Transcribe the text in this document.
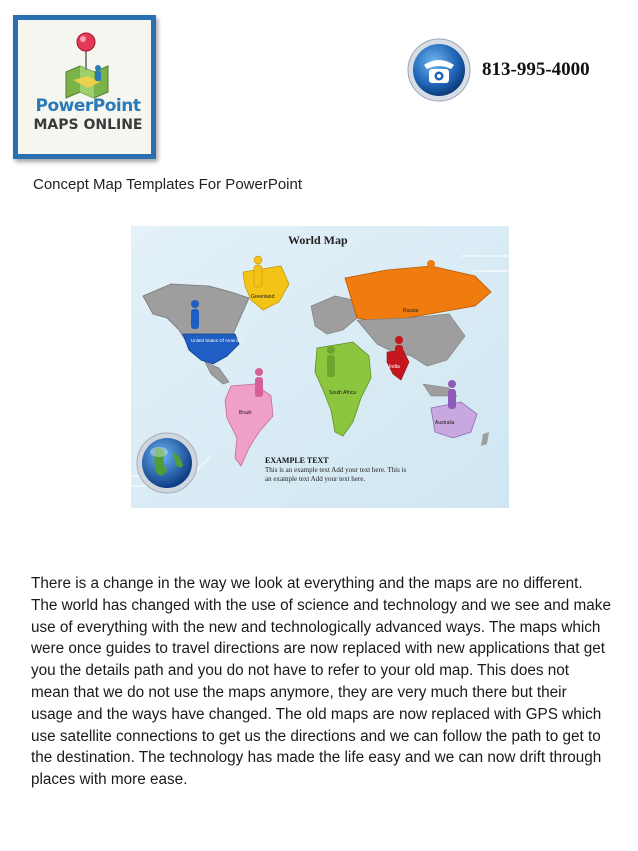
PowerPoint
MAPS ONLINE
813-995-4000
Concept Map Templates For PowerPoint
World Map
Greenland
United States Of America
Russia
Brazil
India
South Africa
Australia
EXAMPLE TEXT
This is an example text Add your text here. This is
an example text Add your text here.

There is a change in the way we look at everything and the maps are no different. The world has changed with the use of science and technology and we see and make use of everything with the new and technologically advanced ways. The maps which were once guides to travel directions are now replaced with new applications that get you the details path and you do not have to refer to your old map. This does not mean that we do not use the maps anymore, they are very much there but their usage and the ways have changed. The old maps are now replaced with GPS which use satellite connections to get us the directions and we can follow the path to get to the destination. The technology has made the life easy and we can now drift through places with more ease.
